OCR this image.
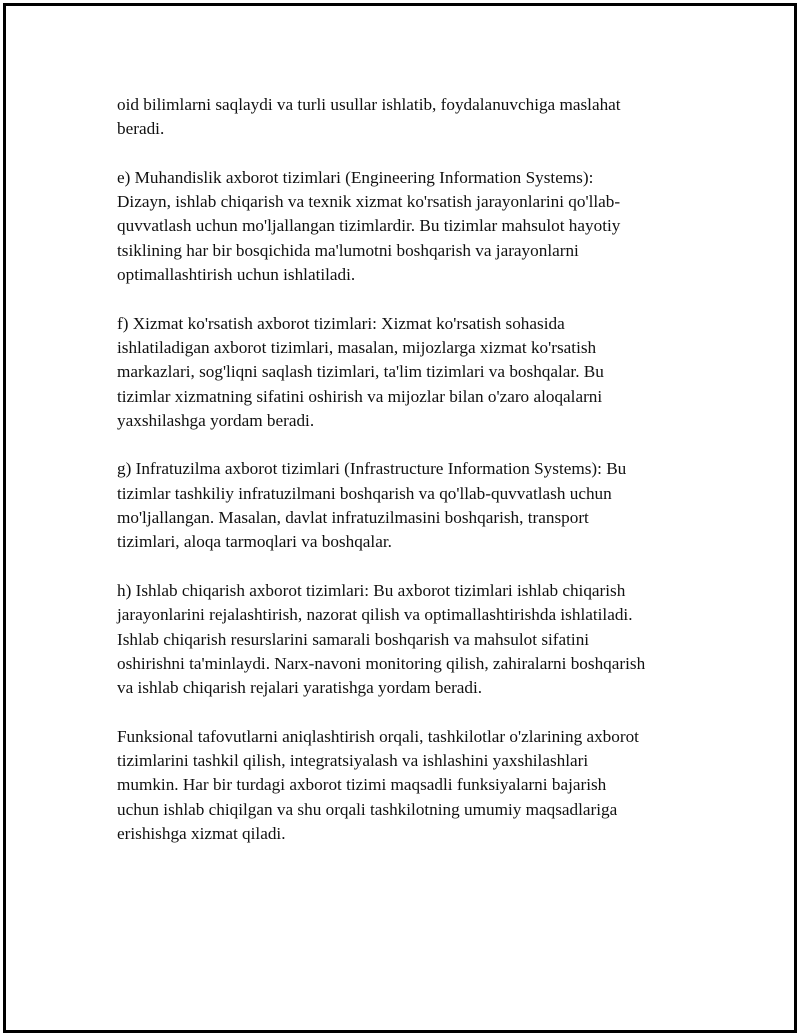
oid bilimlarni saqlaydi va turli usullar ishlatib, foydalanuvchiga maslahat
beradi.

e) Muhandislik axborot tizimlari (Engineering Information Systems):
Dizayn, ishlab chiqarish va texnik xizmat ko'rsatish jarayonlarini qo'llab-
quvvatlash uchun mo'ljallangan tizimlardir. Bu tizimlar mahsulot hayotiy
tsiklining har bir bosqichida ma'lumotni boshqarish va jarayonlarni
optimallashtirish uchun ishlatiladi.

f) Xizmat ko'rsatish axborot tizimlari: Xizmat ko'rsatish sohasida
ishlatiladigan axborot tizimlari, masalan, mijozlarga xizmat ko'rsatish
markazlari, sog'liqni saqlash tizimlari, ta'lim tizimlari va boshqalar. Bu
tizimlar xizmatning sifatini oshirish va mijozlar bilan o'zaro aloqalarni
yaxshilashga yordam beradi.

g) Infratuzilma axborot tizimlari (Infrastructure Information Systems): Bu
tizimlar tashkiliy infratuzilmani boshqarish va qo'llab-quvvatlash uchun
mo'ljallangan. Masalan, davlat infratuzilmasini boshqarish, transport
tizimlari, aloqa tarmoqlari va boshqalar.

h) Ishlab chiqarish axborot tizimlari: Bu axborot tizimlari ishlab chiqarish
jarayonlarini rejalashtirish, nazorat qilish va optimallashtirishda ishlatiladi.
Ishlab chiqarish resurslarini samarali boshqarish va mahsulot sifatini
oshirishni ta'minlaydi. Narx-navoni monitoring qilish, zahiralarni boshqarish
va ishlab chiqarish rejalari yaratishga yordam beradi.

Funksional tafovutlarni aniqlashtirish orqali, tashkilotlar o'zlarining axborot
tizimlarini tashkil qilish, integratsiyalash va ishlashini yaxshilashlari
mumkin. Har bir turdagi axborot tizimi maqsadli funksiyalarni bajarish
uchun ishlab chiqilgan va shu orqali tashkilotning umumiy maqsadlariga
erishishga xizmat qiladi.
